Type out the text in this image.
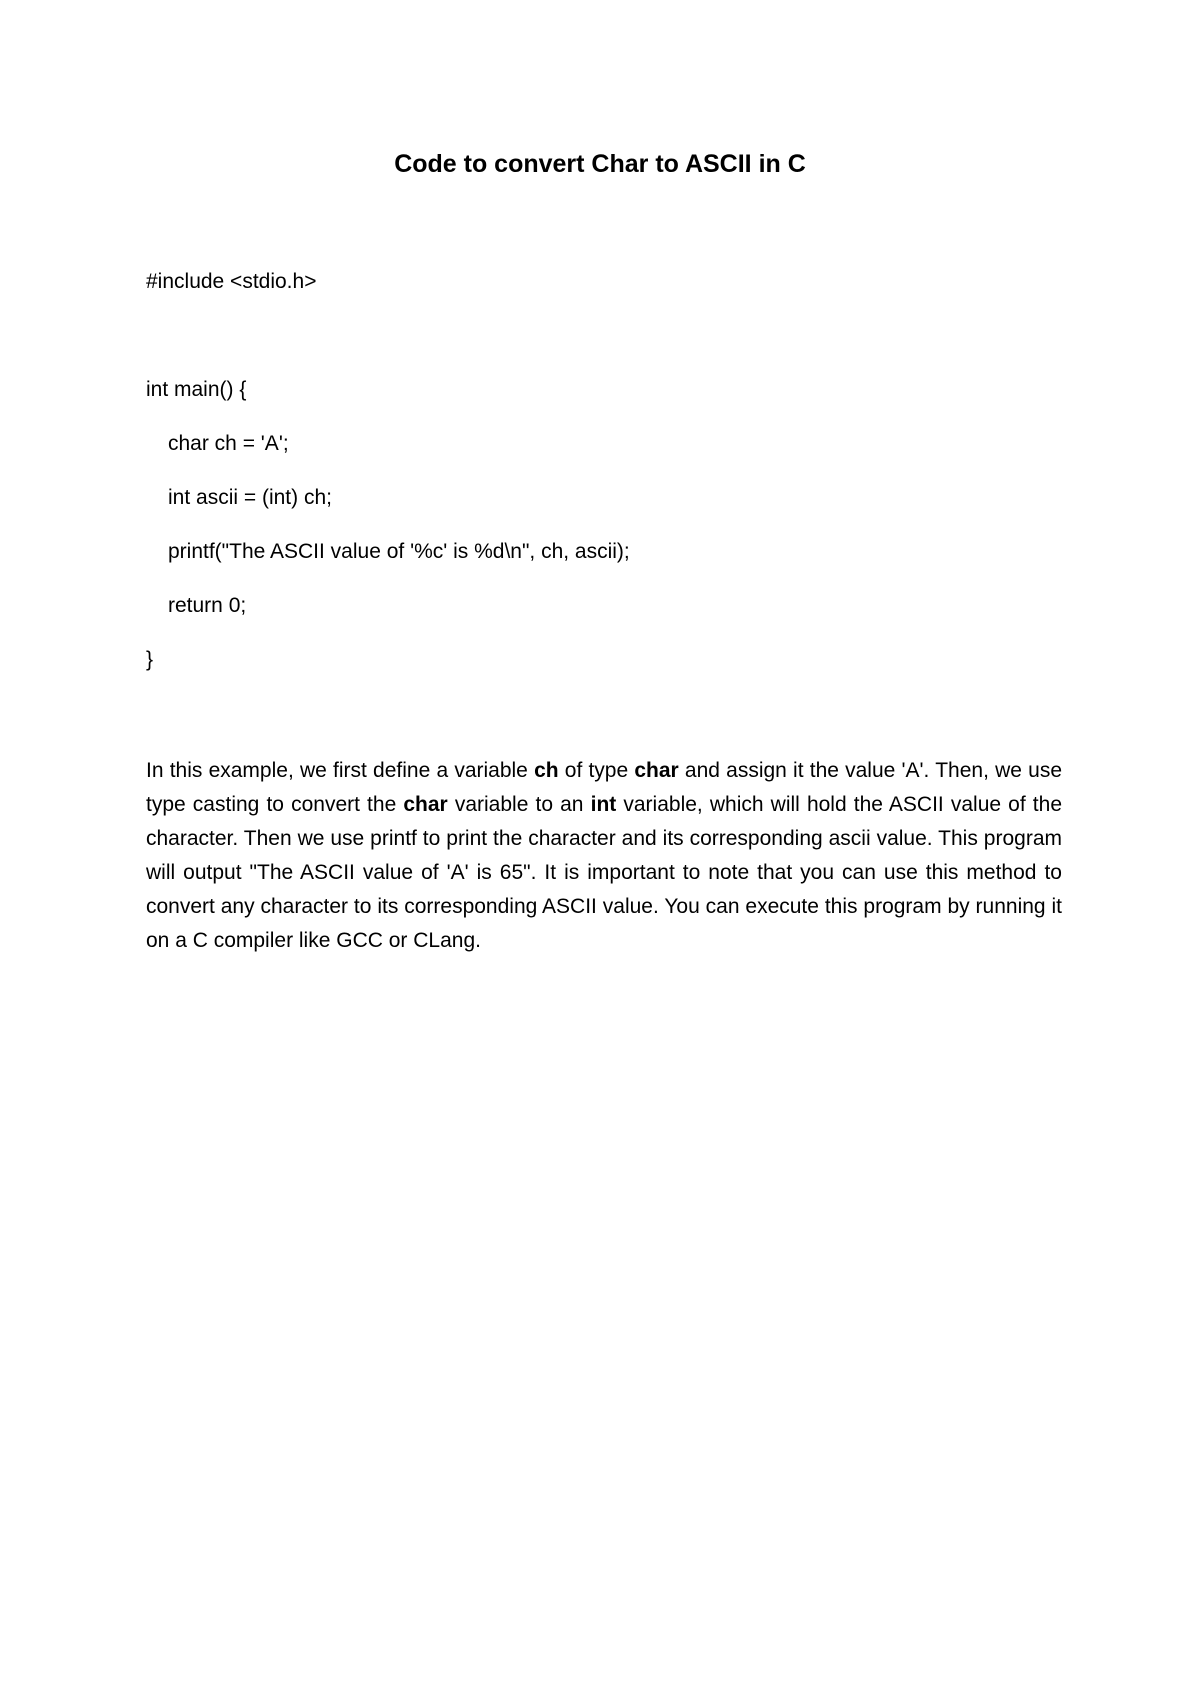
Code to convert Char to ASCII in C
#include <stdio.h>
int main() {
char ch = 'A';
int ascii = (int) ch;
printf("The ASCII value of '%c' is %d\n", ch, ascii);
return 0;
}

In this example, we first define a variable ch of type char and assign it the value 'A'. Then, we use type casting to convert the char variable to an int variable, which will hold the ASCII value of the character. Then we use printf to print the character and its corresponding ascii value. This program will output "The ASCII value of 'A' is 65". It is important to note that you can use this method to convert any character to its corresponding ASCII value. You can execute this program by running it on a C compiler like GCC or CLang.
